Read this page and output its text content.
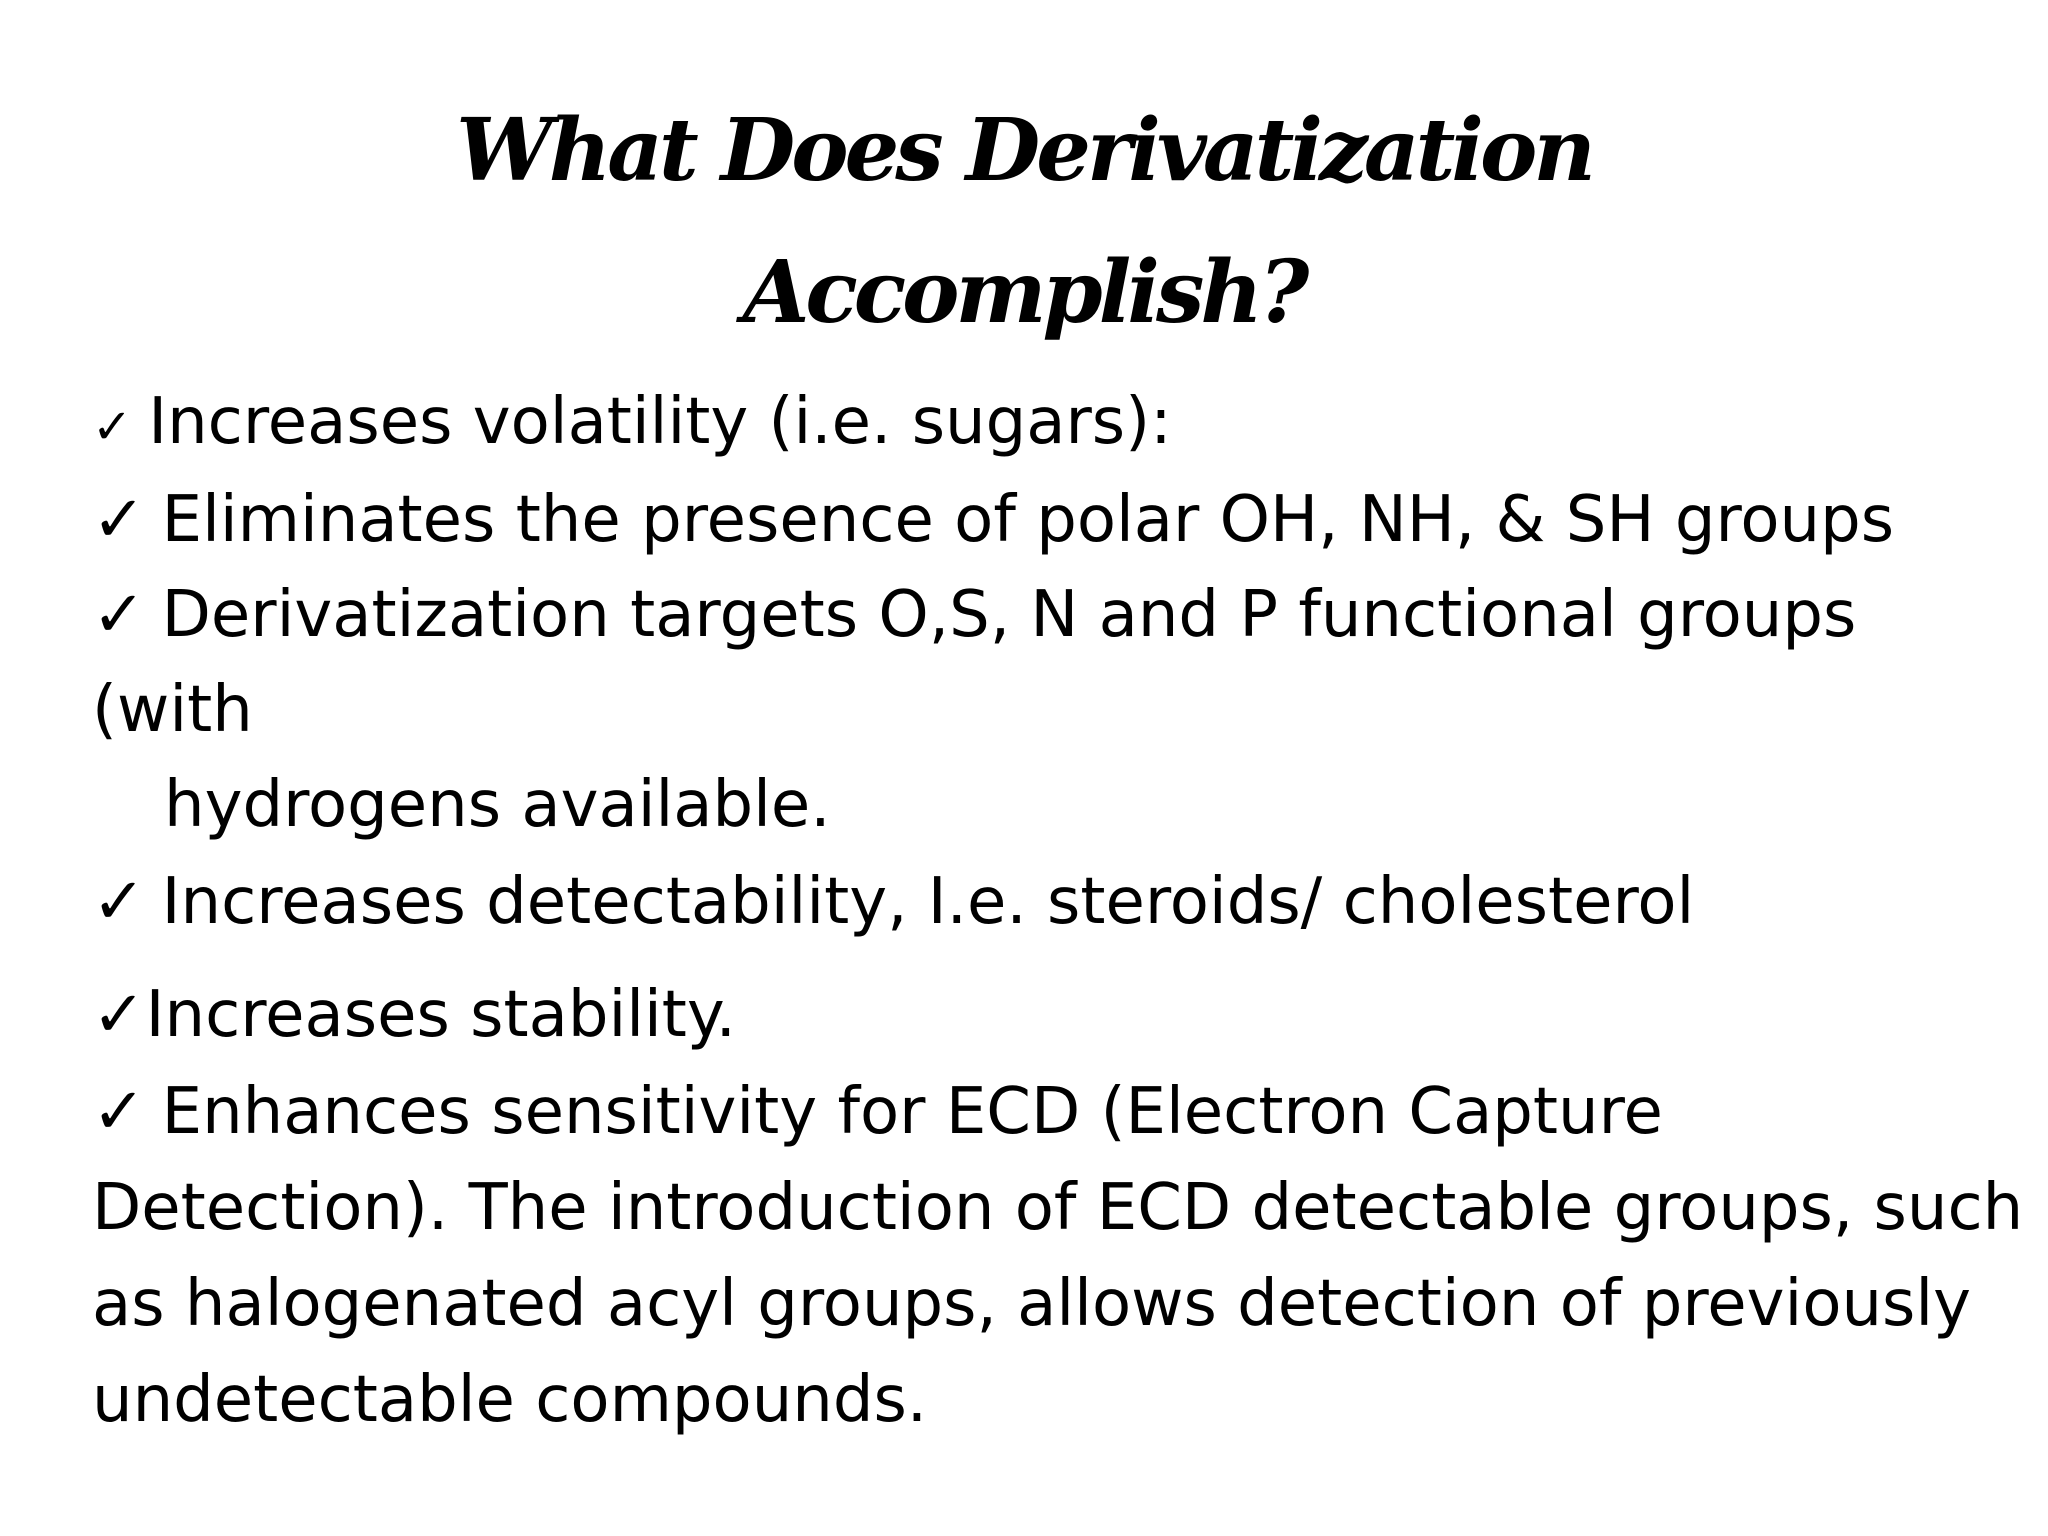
What Does Derivatization
Accomplish?
✓ Increases volatility (i.e. sugars):
✓ Eliminates the presence of polar OH, NH, & SH groups
✓ Derivatization targets O,S, N and P functional groups
(with
hydrogens available.
✓ Increases detectability, I.e. steroids/ cholesterol
✓Increases stability.
✓ Enhances sensitivity for ECD (Electron Capture
Detection). The introduction of ECD detectable groups, such
as halogenated acyl groups, allows detection of previously
undetectable compounds.
